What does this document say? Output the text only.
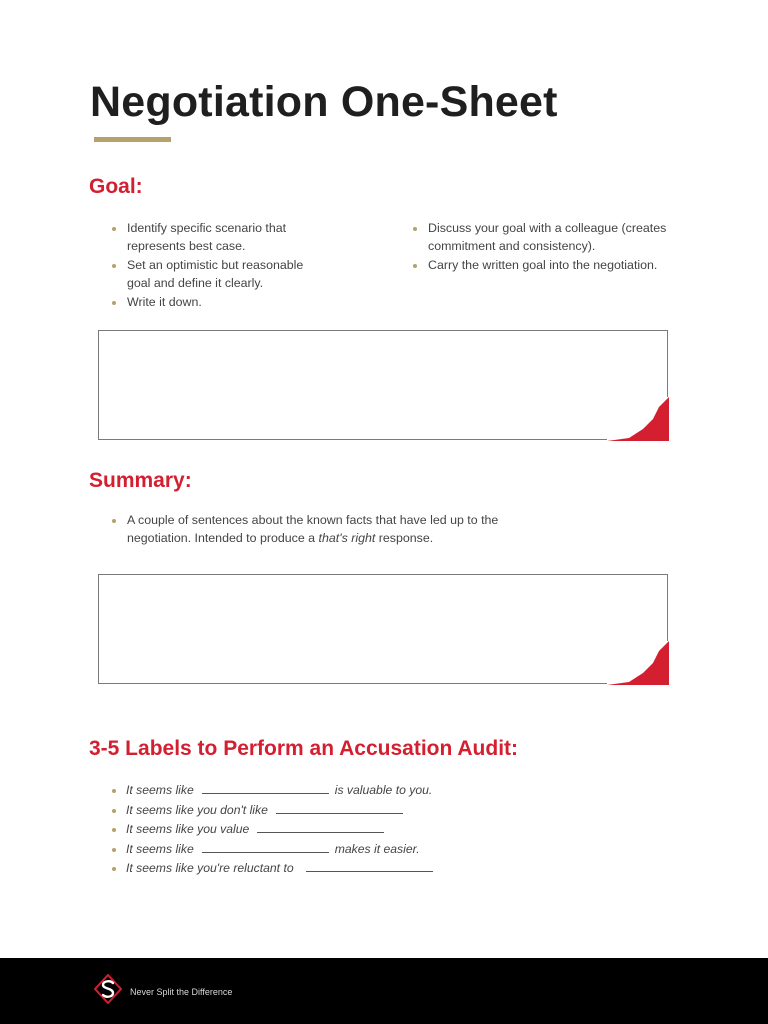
Negotiation One-Sheet
Goal:
Identify specific scenario that represents best case.
Set an optimistic but reasonable goal and define it clearly.
Write it down.
Discuss your goal with a colleague (creates commitment and consistency).
Carry the written goal into the negotiation.
Summary:
A couple of sentences about the known facts that have led up to the negotiation. Intended to produce a that's right response.
3-5 Labels to Perform an Accusation Audit:
It seems like	is valuable to you.
It seems like you don't like
It seems like you value
It seems like	makes it easier.
It seems like you're reluctant to
Never Split the Difference
